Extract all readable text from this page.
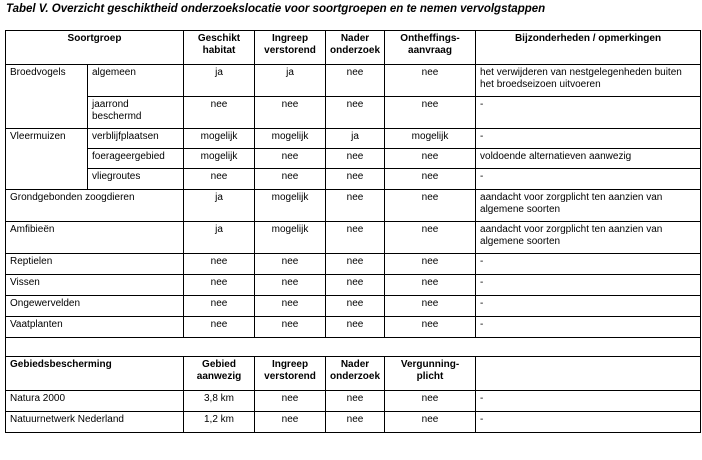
Tabel V. Overzicht geschiktheid onderzoekslocatie voor soortgroepen en te nemen vervolgstappen
Soortgroep		Geschikt habitat	Ingreep verstorend	Nader onderzoek	Ontheffings-aanvraag	Bijzonderheden / opmerkingen
Broedvogels	algemeen	ja	ja	nee	nee	het verwijderen van nestgelegenheden buiten het broedseizoen uitvoeren
	jaarrond beschermd	nee	nee	nee	nee	-
Vleermuizen	verblijfplaatsen	mogelijk	mogelijk	ja	mogelijk	-
	foerageergebied	mogelijk	nee	nee	nee	voldoende alternatieven aanwezig
	vliegroutes	nee	nee	nee	nee	-
Grondgebonden zoogdieren		ja	mogelijk	nee	nee	aandacht voor zorgplicht ten aanzien van algemene soorten
Amfibieën		ja	mogelijk	nee	nee	aandacht voor zorgplicht ten aanzien van algemene soorten
Reptielen		nee	nee	nee	nee	-
Vissen		nee	nee	nee	nee	-
Ongewervelden		nee	nee	nee	nee	-
Vaatplanten		nee	nee	nee	nee	-

Gebiedsbescherming		Gebied aanwezig	Ingreep verstorend	Nader onderzoek	Vergunning-plicht	
Natura 2000		3,8 km	nee	nee	nee	-
Natuurnetwerk Nederland		1,2 km	nee	nee	nee	-
